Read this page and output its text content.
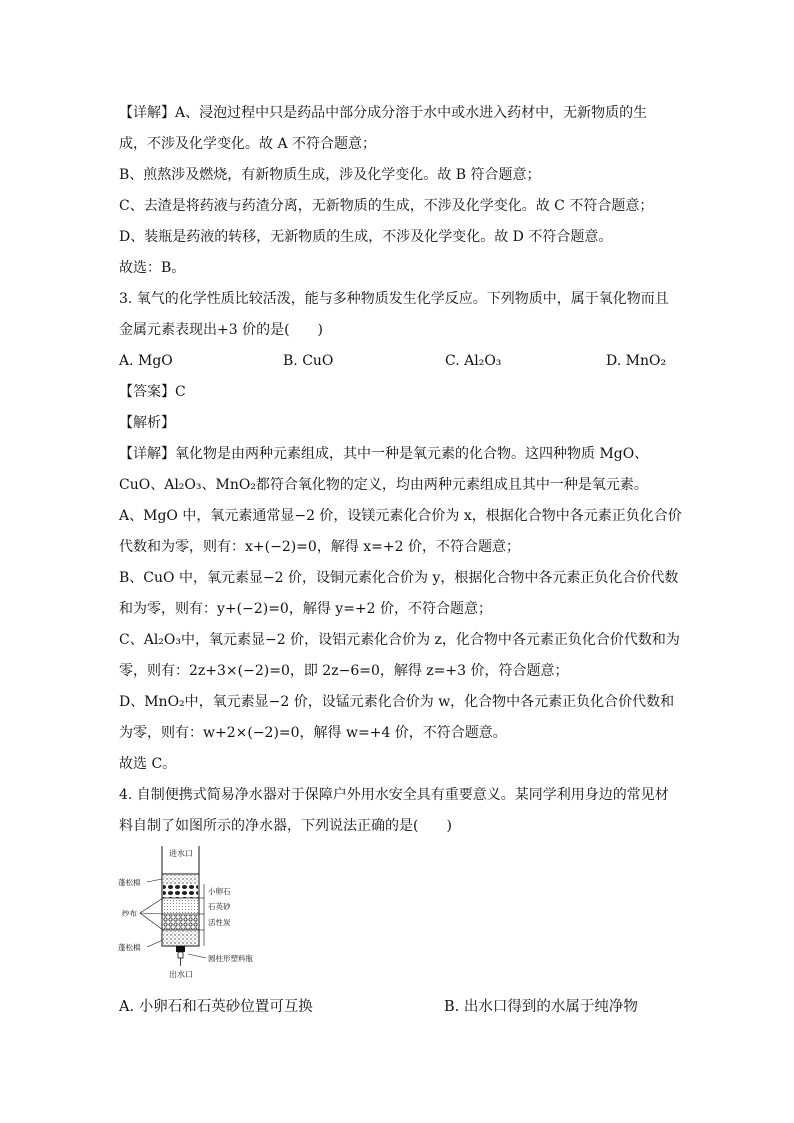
【详解】A、浸泡过程中只是药品中部分成分溶于水中或水进入药材中，无新物质的生
成，不涉及化学变化。故 A 不符合题意；
B、煎熬涉及燃烧，有新物质生成，涉及化学变化。故 B 符合题意；
C、去渣是将药液与药渣分离，无新物质的生成，不涉及化学变化。故 C 不符合题意；
D、装瓶是药液的转移，无新物质的生成，不涉及化学变化。故 D 不符合题意。
故选：B。
3. 氧气的化学性质比较活泼，能与多种物质发生化学反应。下列物质中，属于氧化物而且
金属元素表现出+3 价的是(　　)
A. MgO	B. CuO	C. Al₂O₃	D. MnO₂
【答案】C
【解析】
【详解】氧化物是由两种元素组成，其中一种是氧元素的化合物。这四种物质 MgO、
CuO、Al₂O₃、MnO₂都符合氧化物的定义，均由两种元素组成且其中一种是氧元素。
A、MgO 中，氧元素通常显−2 价，设镁元素化合价为 x，根据化合物中各元素正负化合价
代数和为零，则有：x+(−2)=0，解得 x=+2 价，不符合题意；
B、CuO 中，氧元素显−2 价，设铜元素化合价为 y，根据化合物中各元素正负化合价代数
和为零，则有：y+(−2)=0，解得 y=+2 价，不符合题意；
C、Al₂O₃中，氧元素显−2 价，设铝元素化合价为 z，化合物中各元素正负化合价代数和为
零，则有：2z+3×(−2)=0，即 2z−6=0，解得 z=+3 价，符合题意；
D、MnO₂中，氧元素显−2 价，设锰元素化合价为 w，化合物中各元素正负化合价代数和
为零，则有：w+2×(−2)=0，解得 w=+4 价，不符合题意。
故选 C。
4. 自制便携式简易净水器对于保障户外用水安全具有重要意义。某同学利用身边的常见材
料自制了如图所示的净水器，下列说法正确的是(　　)
进水口
出水口
蓬松棉
纱布
蓬松棉
小卵石
石英砂
活性炭
圆柱形塑料瓶
A. 小卵石和石英砂位置可互换	B. 出水口得到的水属于纯净物
